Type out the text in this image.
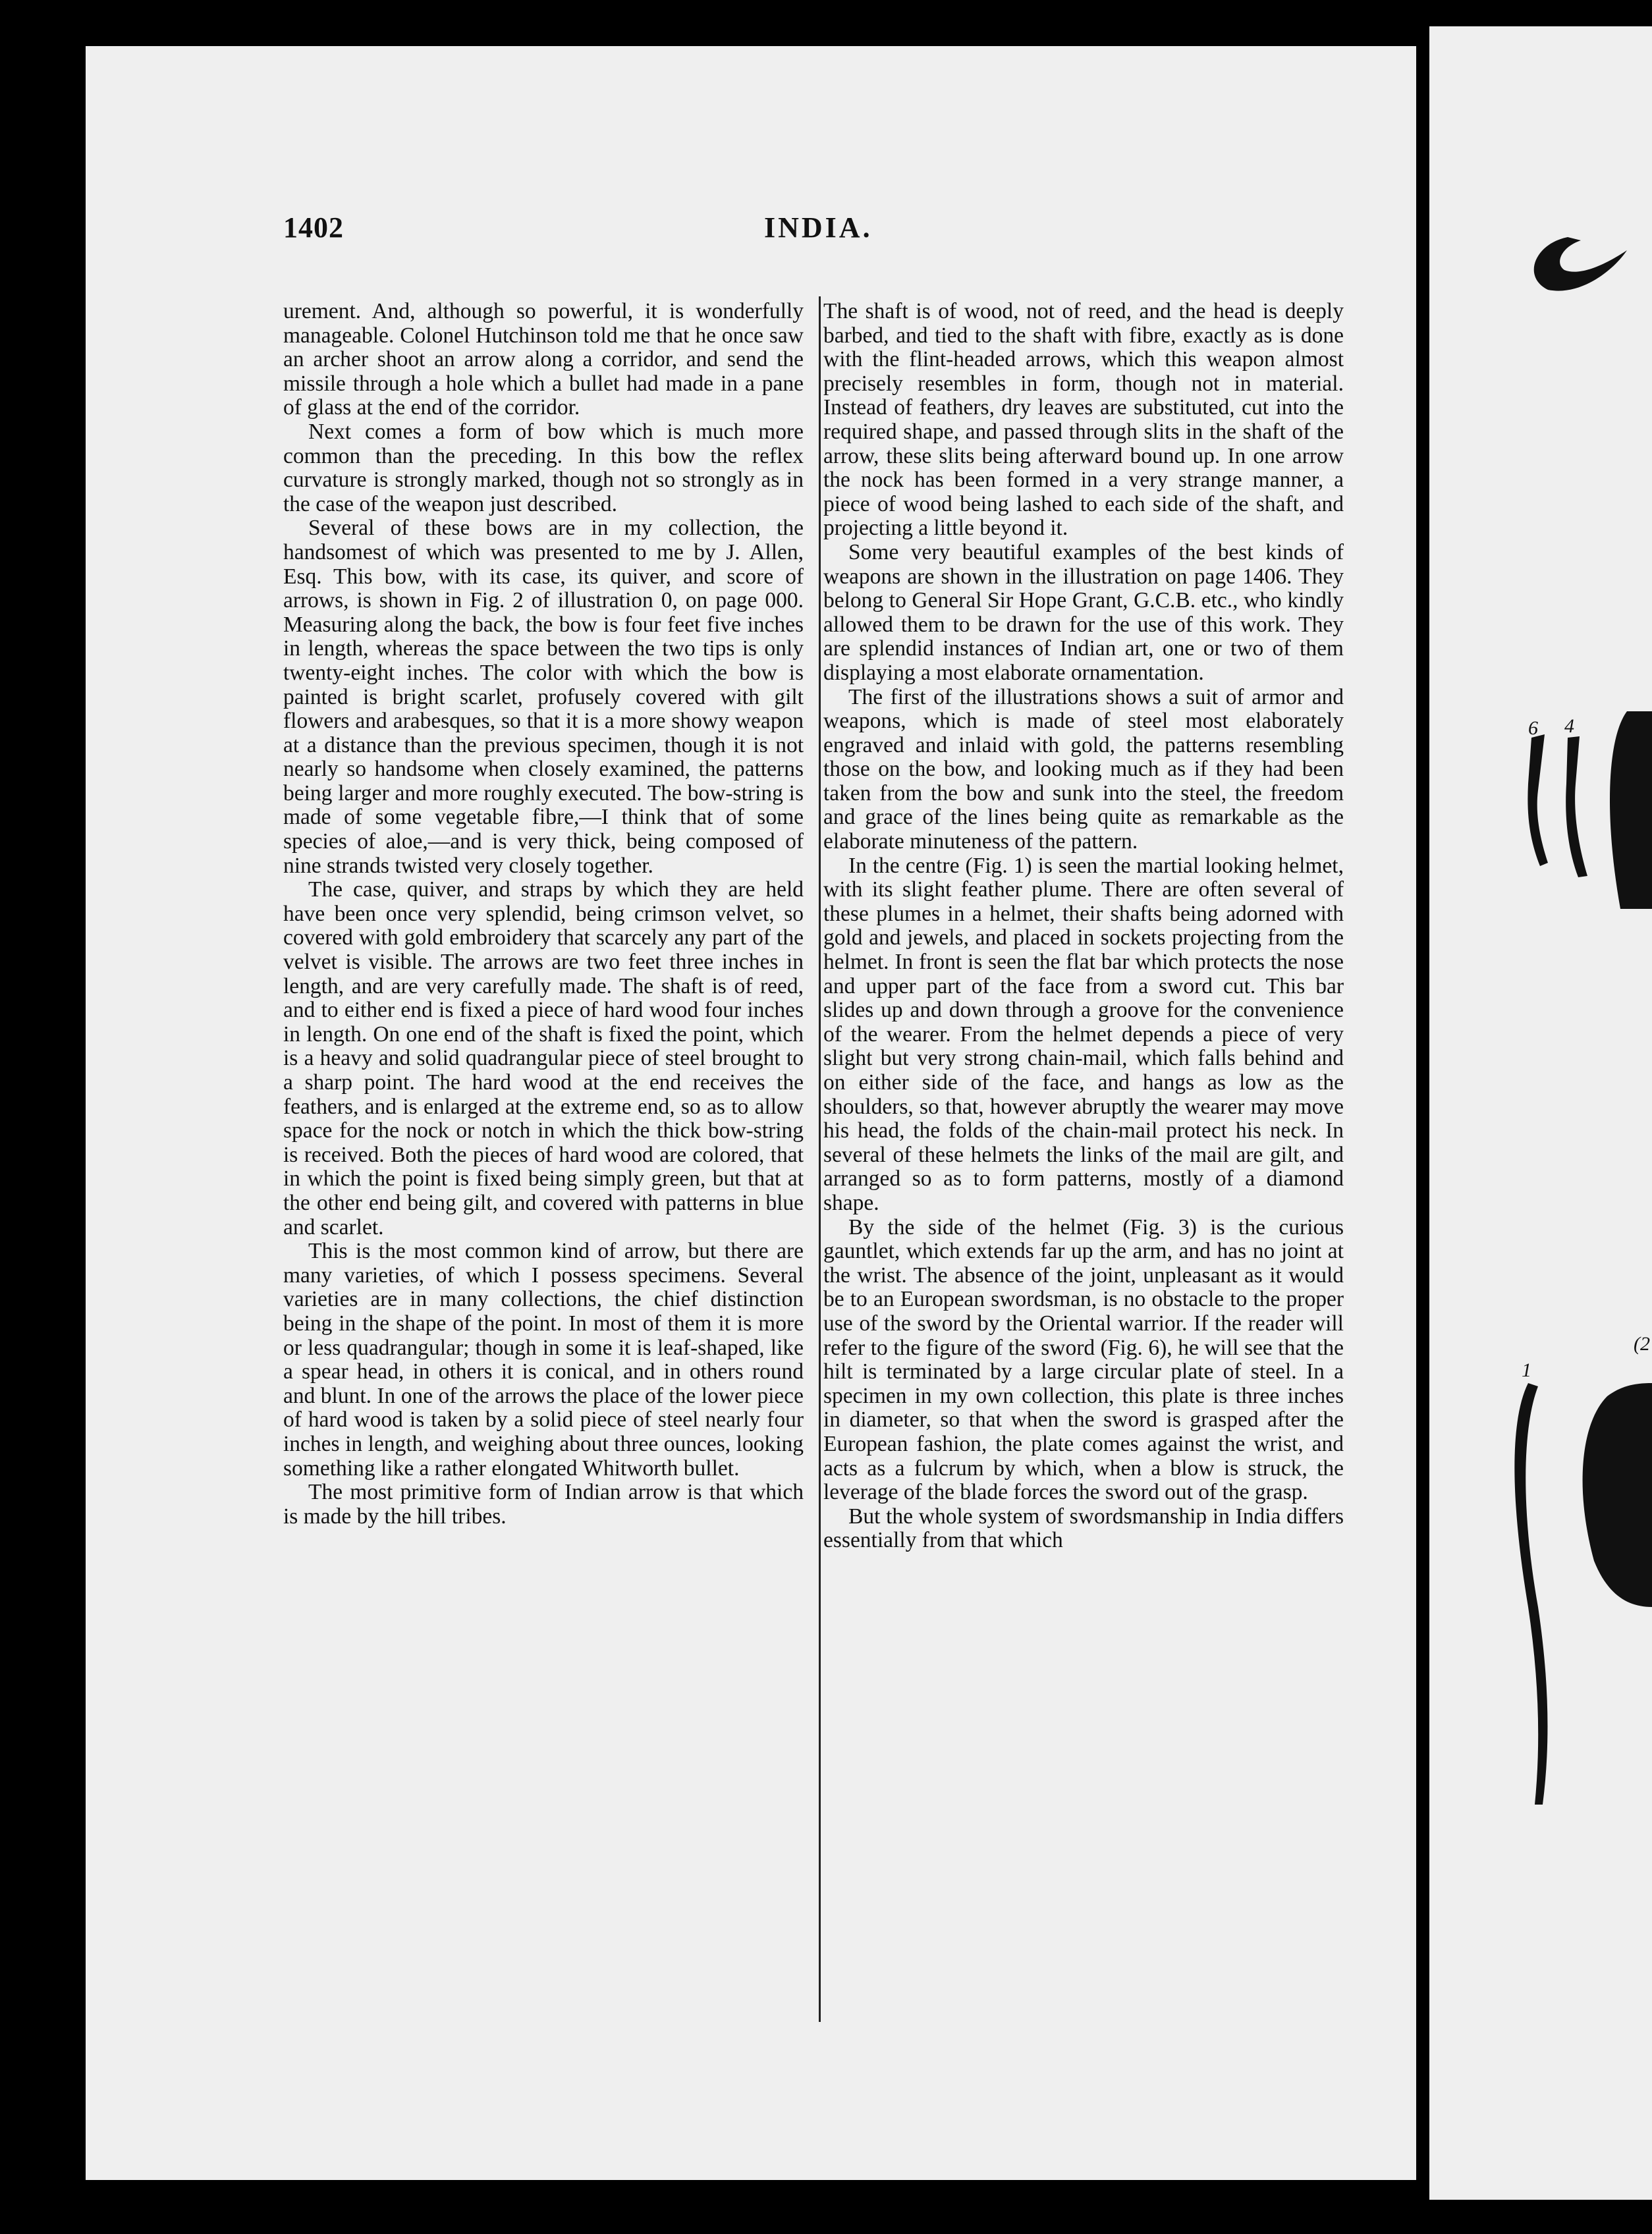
1402	INDIA.

urement. And, although so powerful, it is wonderfully manageable. Colonel Hutchinson told me that he once saw an archer shoot an arrow along a corridor, and send the missile through a hole which a bullet had made in a pane of glass at the end of the corridor.

Next comes a form of bow which is much more common than the preceding. In this bow the reflex curvature is strongly marked, though not so strongly as in the case of the weapon just described.

Several of these bows are in my collection, the handsomest of which was presented to me by J. Allen, Esq. This bow, with its case, its quiver, and score of arrows, is shown in Fig. 2 of illustration 0, on page 000. Measuring along the back, the bow is four feet five inches in length, whereas the space between the two tips is only twenty-eight inches. The color with which the bow is painted is bright scarlet, profusely covered with gilt flowers and arabesques, so that it is a more showy weapon at a distance than the previous specimen, though it is not nearly so handsome when closely examined, the patterns being larger and more roughly executed. The bow-string is made of some vegetable fibre,—I think that of some species of aloe,—and is very thick, being composed of nine strands twisted very closely together.

The case, quiver, and straps by which they are held have been once very splendid, being crimson velvet, so covered with gold embroidery that scarcely any part of the velvet is visible. The arrows are two feet three inches in length, and are very carefully made. The shaft is of reed, and to either end is fixed a piece of hard wood four inches in length. On one end of the shaft is fixed the point, which is a heavy and solid quadrangular piece of steel brought to a sharp point. The hard wood at the end receives the feathers, and is enlarged at the extreme end, so as to allow space for the nock or notch in which the thick bow-string is received. Both the pieces of hard wood are colored, that in which the point is fixed being simply green, but that at the other end being gilt, and covered with patterns in blue and scarlet.

This is the most common kind of arrow, but there are many varieties, of which I possess specimens. Several varieties are in many collections, the chief distinction being in the shape of the point. In most of them it is more or less quadrangular; though in some it is leaf-shaped, like a spear head, in others it is conical, and in others round and blunt. In one of the arrows the place of the lower piece of hard wood is taken by a solid piece of steel nearly four inches in length, and weighing about three ounces, looking something like a rather elongated Whitworth bullet.

The most primitive form of Indian arrow is that which is made by the hill tribes.

The shaft is of wood, not of reed, and the head is deeply barbed, and tied to the shaft with fibre, exactly as is done with the flint-headed arrows, which this weapon almost precisely resembles in form, though not in material. Instead of feathers, dry leaves are substituted, cut into the required shape, and passed through slits in the shaft of the arrow, these slits being afterward bound up. In one arrow the nock has been formed in a very strange manner, a piece of wood being lashed to each side of the shaft, and projecting a little beyond it.

Some very beautiful examples of the best kinds of weapons are shown in the illustration on page 1406. They belong to General Sir Hope Grant, G.C.B. etc., who kindly allowed them to be drawn for the use of this work. They are splendid instances of Indian art, one or two of them displaying a most elaborate ornamentation.

The first of the illustrations shows a suit of armor and weapons, which is made of steel most elaborately engraved and inlaid with gold, the patterns resembling those on the bow, and looking much as if they had been taken from the bow and sunk into the steel, the freedom and grace of the lines being quite as remarkable as the elaborate minuteness of the pattern.

In the centre (Fig. 1) is seen the martial looking helmet, with its slight feather plume. There are often several of these plumes in a helmet, their shafts being adorned with gold and jewels, and placed in sockets projecting from the helmet. In front is seen the flat bar which protects the nose and upper part of the face from a sword cut. This bar slides up and down through a groove for the convenience of the wearer. From the helmet depends a piece of very slight but very strong chain-mail, which falls behind and on either side of the face, and hangs as low as the shoulders, so that, however abruptly the wearer may move his head, the folds of the chain-mail protect his neck. In several of these helmets the links of the mail are gilt, and arranged so as to form patterns, mostly of a diamond shape.

By the side of the helmet (Fig. 3) is the curious gauntlet, which extends far up the arm, and has no joint at the wrist. The absence of the joint, unpleasant as it would be to an European swordsman, is no obstacle to the proper use of the sword by the Oriental warrior. If the reader will refer to the figure of the sword (Fig. 6), he will see that the hilt is terminated by a large circular plate of steel. In a specimen in my own collection, this plate is three inches in diameter, so that when the sword is grasped after the European fashion, the plate comes against the wrist, and acts as a fulcrum by which, when a blow is struck, the leverage of the blade forces the sword out of the grasp.

But the whole system of swordsmanship in India differs essentially from that which

6 4
1
(2
